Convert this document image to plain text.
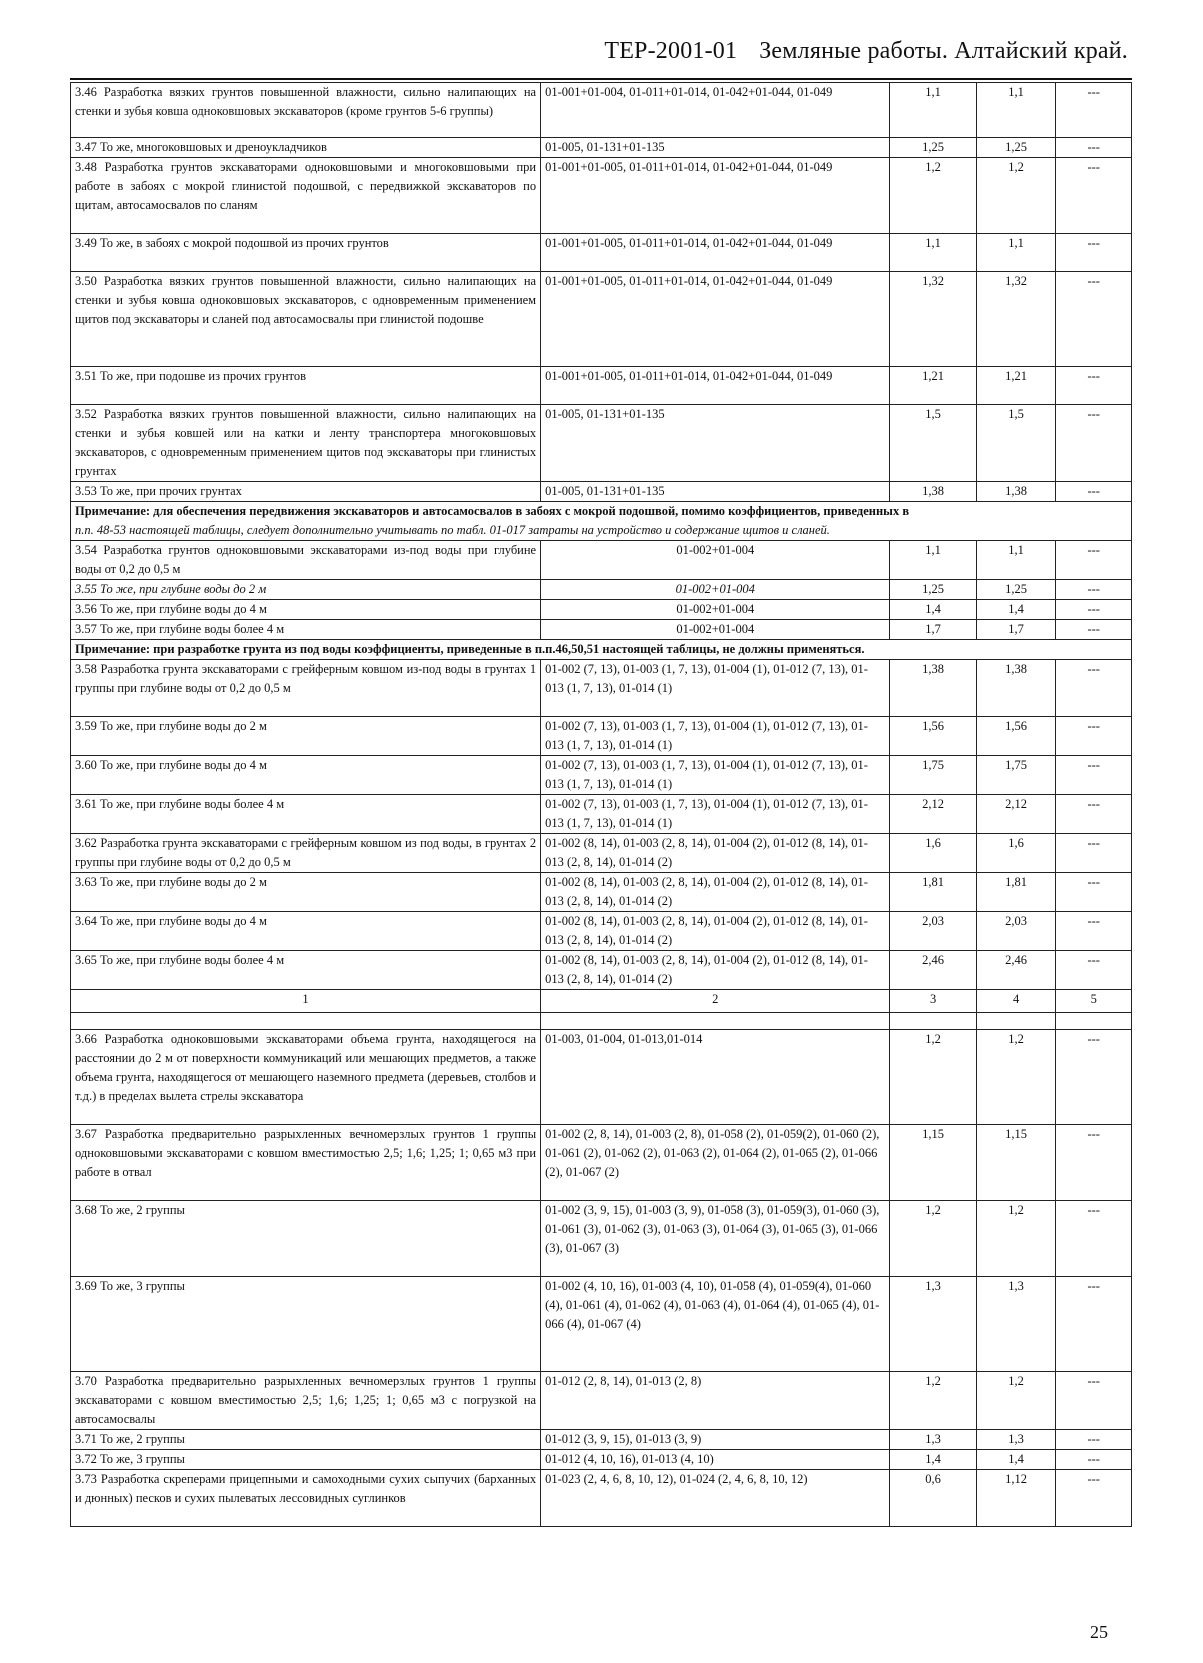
ТЕР-2001-01 Земляные работы. Алтайский край.
3.46 Разработка вязких грунтов повышенной влажности, сильно налипающих на стенки и зубья ковша одноковшовых экскаваторов (кроме грунтов 5-6 группы)	01-001+01-004, 01-011+01-014, 01-042+01-044, 01-049	1,1	1,1	---
3.47 То же, многоковшовых и дреноукладчиков	01-005, 01-131+01-135	1,25	1,25	---
3.48 Разработка грунтов экскаваторами одноковшовыми и многоковшовыми при работе в забоях с мокрой глинистой подошвой, с передвижкой экскаваторов по щитам, автосамосвалов по слaням	01-001+01-005, 01-011+01-014, 01-042+01-044, 01-049	1,2	1,2	---
3.49 То же, в забоях с мокрой подошвой из прочих грунтов	01-001+01-005, 01-011+01-014, 01-042+01-044, 01-049	1,1	1,1	---
3.50 Разработка вязких грунтов повышенной влажности, сильно налипающих на стенки и зубья ковша одноковшовых экскаваторов, с одновременным применением щитов под экскаваторы и слaней под автосамосвалы при глинистой подошве	01-001+01-005, 01-011+01-014, 01-042+01-044, 01-049	1,32	1,32	---
3.51 То же, при подошве из прочих грунтов	01-001+01-005, 01-011+01-014, 01-042+01-044, 01-049	1,21	1,21	---
3.52 Разработка вязких грунтов повышенной влажности, сильно налипающих на стенки и зубья ковшей или на катки и ленту транспортера многоковшовых экскаваторов, с одновременным применением щитов под экскаваторы при глинистых грунтах	01-005, 01-131+01-135	1,5	1,5	---
3.53 То же, при прочих грунтах	01-005, 01-131+01-135	1,38	1,38	---
Примечание: для обеспечения передвижения экскаваторов и автосамосвалов в забоях с мокрой подошвой, помимо коэффициентов, приведенных в
п.п. 48-53 настоящей таблицы, следует дополнительно учитывать по табл. 01-017 затраты на устройство и содержание щитов и слaней.				
3.54 Разработка грунтов одноковшовыми экскаваторами из-под воды при глубине воды от 0,2 до 0,5 м	01-002+01-004	1,1	1,1	---
3.55 То же, при глубине воды до 2 м	01-002+01-004	1,25	1,25	---
3.56 То же, при глубине воды до 4 м	01-002+01-004	1,4	1,4	---
3.57 То же, при глубине воды более 4 м	01-002+01-004	1,7	1,7	---
Примечание: при разработке грунта из под воды коэффициенты, приведенные в п.п.46,50,51 настоящей таблицы, не должны применяться.				
3.58 Разработка грунта экскаваторами с грейферным ковшом из-под воды в грунтах 1 группы при глубине воды от 0,2 до 0,5 м	01-002 (7, 13), 01-003 (1, 7, 13), 01-004 (1), 01-012 (7, 13), 01-013 (1, 7, 13), 01-014 (1)	1,38	1,38	---
3.59 То же, при глубине воды до 2 м	01-002 (7, 13), 01-003 (1, 7, 13), 01-004 (1), 01-012 (7, 13), 01-013 (1, 7, 13), 01-014 (1)	1,56	1,56	---
3.60 То же, при глубине воды до 4 м	01-002 (7, 13), 01-003 (1, 7, 13), 01-004 (1), 01-012 (7, 13), 01-013 (1, 7, 13), 01-014 (1)	1,75	1,75	---
3.61 То же, при глубине воды более 4 м	01-002 (7, 13), 01-003 (1, 7, 13), 01-004 (1), 01-012 (7, 13), 01-013 (1, 7, 13), 01-014 (1)	2,12	2,12	---
3.62 Разработка грунта экскаваторами с грейферным ковшом из под воды, в грунтах 2 группы при глубине воды от 0,2 до 0,5 м	01-002 (8, 14), 01-003 (2, 8, 14), 01-004 (2), 01-012 (8, 14), 01-013 (2, 8, 14), 01-014 (2)	1,6	1,6	---
3.63 То же, при глубине воды до 2 м	01-002 (8, 14), 01-003 (2, 8, 14), 01-004 (2), 01-012 (8, 14), 01-013 (2, 8, 14), 01-014 (2)	1,81	1,81	---
3.64 То же, при глубине воды до 4 м	01-002 (8, 14), 01-003 (2, 8, 14), 01-004 (2), 01-012 (8, 14), 01-013 (2, 8, 14), 01-014 (2)	2,03	2,03	---
3.65 То же, при глубине воды более 4 м	01-002 (8, 14), 01-003 (2, 8, 14), 01-004 (2), 01-012 (8, 14), 01-013 (2, 8, 14), 01-014 (2)	2,46	2,46	---
1	2	3	4	5

3.66 Разработка одноковшовыми экскаваторами объема грунта, находящегося на расстоянии до 2 м от поверхности коммуникаций или мешающих предметов, а также объема грунта, находящегося от мешающего наземного предмета (деревьев, столбов и т.д.) в пределах вылета стрелы экскаватора	01-003, 01-004, 01-013,01-014	1,2	1,2	---
3.67 Разработка предварительно разрыхленных вечномерзлых грунтов 1 группы одноковшовыми экскаваторами с ковшом вместимостью 2,5; 1,6; 1,25; 1; 0,65 м3 при работе в отвал	01-002 (2, 8, 14), 01-003 (2, 8), 01-058 (2), 01-059(2), 01-060 (2), 01-061 (2), 01-062 (2), 01-063 (2), 01-064 (2), 01-065 (2), 01-066 (2), 01-067 (2)	1,15	1,15	---
3.68 То же, 2 группы	01-002 (3, 9, 15), 01-003 (3, 9), 01-058 (3), 01-059(3), 01-060 (3), 01-061 (3), 01-062 (3), 01-063 (3), 01-064 (3), 01-065 (3), 01-066 (3), 01-067 (3)	1,2	1,2	---
3.69 То же, 3 группы	01-002 (4, 10, 16), 01-003 (4, 10), 01-058 (4), 01-059(4), 01-060 (4), 01-061 (4), 01-062 (4), 01-063 (4), 01-064 (4), 01-065 (4), 01-066 (4), 01-067 (4)	1,3	1,3	---
3.70 Разработка предварительно разрыхленных вечномерзлых грунтов 1 группы экскаваторами с ковшом вместимостью 2,5; 1,6; 1,25; 1; 0,65 м3 с погрузкой на автосамосвалы	01-012 (2, 8, 14), 01-013 (2, 8)	1,2	1,2	---
3.71 То же, 2 группы	01-012 (3, 9, 15), 01-013 (3, 9)	1,3	1,3	---
3.72 То же, 3 группы	01-012 (4, 10, 16), 01-013 (4, 10)	1,4	1,4	---
3.73 Разработка скреперами прицепными и самоходными сухих сыпучих (барханных и дюнных) песков и сухих пылеватых лессовидных суглинков	01-023 (2, 4, 6, 8, 10, 12), 01-024 (2, 4, 6, 8, 10, 12)	0,6	1,12	---
25
